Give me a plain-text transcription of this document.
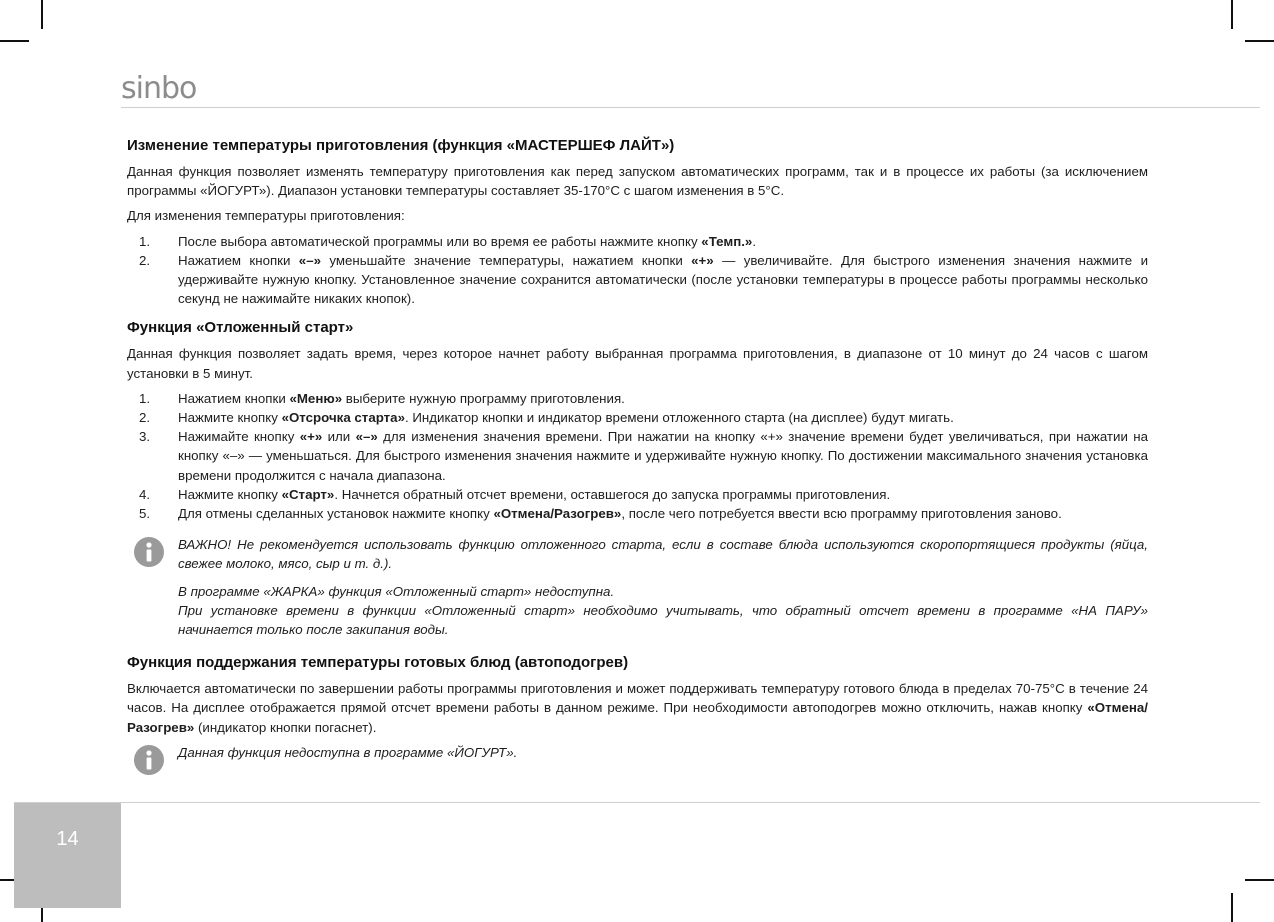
sinbo
Изменение температуры приготовления (функция «МАСТЕРШЕФ ЛАЙТ»)

Данная функция позволяет изменять температуру приготовления как перед запуском автоматических программ, так и в процессе их работы (за исключением программы «ЙОГУРТ»). Диапазон установки температуры составляет 35-170°C с шагом изменения в 5°C.

Для изменения температуры приготовления:

1. После выбора автоматической программы или во время ее работы нажмите кнопку «Темп.».
2. Нажатием кнопки «–» уменьшайте значение температуры, нажатием кнопки «+» — увеличивайте. Для быстрого изменения значения нажмите и удерживайте нужную кнопку. Установленное значение сохранится автоматически (после установки температуры в процессе работы программы несколько секунд не нажимайте никаких кнопок).
Функция «Отложенный старт»

Данная функция позволяет задать время, через которое начнет работу выбранная программа приготовления, в диапазоне от 10 минут до 24 часов с шагом установки в 5 минут.

1. Нажатием кнопки «Меню» выберите нужную программу приготовления.
2. Нажмите кнопку «Отсрочка старта». Индикатор кнопки и индикатор времени отложенного старта (на дисплее) будут мигать.
3. Нажимайте кнопку «+» или «–» для изменения значения времени. При нажатии на кнопку «+» значение времени будет увеличиваться, при нажатии на кнопку «–» — уменьшаться. Для быстрого изменения значения нажмите и удерживайте нужную кнопку. По достижении максимального значения установка времени продолжится с начала диапазона.
4. Нажмите кнопку «Старт». Начнется обратный отсчет времени, оставшегося до запуска программы приготовления.
5. Для отмены сделанных установок нажмите кнопку «Отмена/Разогрев», после чего потребуется ввести всю программу приготовления заново.

ВАЖНО! Не рекомендуется использовать функцию отложенного старта, если в составе блюда используются скоропортящиеся продукты (яйца, свежее молоко, мясо, сыр и т. д.).

В программе «ЖАРКА» функция «Отложенный старт» недоступна.

При установке времени в функции «Отложенный старт» необходимо учитывать, что обратный отсчет времени в программе «НА ПАРУ» начинается только после закипания воды.

Функция поддержания температуры готовых блюд (автоподогрев)

Включается автоматически по завершении работы программы приготовления и может поддерживать температуру готового блюда в пределах 70-75°C в течение 24 часов. На дисплее отображается прямой отсчет времени работы в данном режиме. При необходимости автоподогрев можно отключить, нажав кнопку «Отмена/Разогрев» (индикатор кнопки погаснет).

Данная функция недоступна в программе «ЙОГУРТ».

14
